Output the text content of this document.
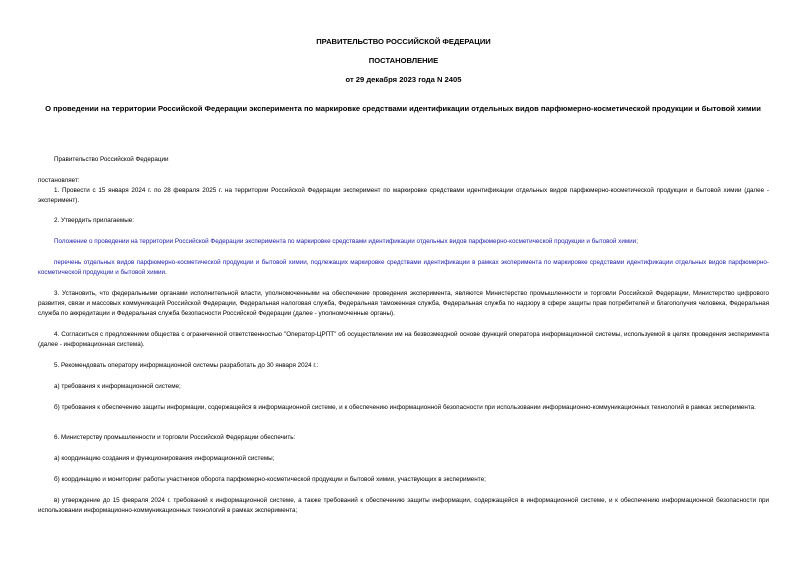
ПРАВИТЕЛЬСТВО РОССИЙСКОЙ ФЕДЕРАЦИИ
ПОСТАНОВЛЕНИЕ
от 29 декабря 2023 года N 2405
О проведении на территории Российской Федерации эксперимента по маркировке средствами идентификации отдельных видов парфюмерно-косметической продукции и бытовой химии

Правительство Российской Федерации

постановляет:

1. Провести с 15 января 2024 г. по 28 февраля 2025 г. на территории Российской Федерации эксперимент по маркировке средствами идентификации отдельных видов парфюмерно-косметической продукции и бытовой химии (далее - эксперимент).

2. Утвердить прилагаемые:

Положение о проведении на территории Российской Федерации эксперимента по маркировке средствами идентификации отдельных видов парфюмерно-косметической продукции и бытовой химии;

перечень отдельных видов парфюмерно-косметической продукции и бытовой химии, подлежащих маркировке средствами идентификации в рамках эксперимента по маркировке средствами идентификации отдельных видов парфюмерно-косметической продукции и бытовой химии.

3. Установить, что федеральными органами исполнительной власти, уполномоченными на обеспечение проведения эксперимента, являются Министерство промышленности и торговли Российской Федерации, Министерство цифрового развития, связи и массовых коммуникаций Российской Федерации, Федеральная налоговая служба, Федеральная таможенная служба, Федеральная служба по надзору в сфере защиты прав потребителей и благополучия человека, Федеральная служба по аккредитации и Федеральная служба безопасности Российской Федерации (далее - уполномоченные органы).

4. Согласиться с предложением общества с ограниченной ответственностью "Оператор-ЦРПТ" об осуществлении им на безвозмездной основе функций оператора информационной системы, используемой в целях проведения эксперимента (далее - информационная система).

5. Рекомендовать оператору информационной системы разработать до 30 января 2024 г.:

а) требования к информационной системе;

б) требования к обеспечению защиты информации, содержащейся в информационной системе, и к обеспечению информационной безопасности при использовании информационно-коммуникационных технологий в рамках эксперимента.

6. Министерству промышленности и торговли Российской Федерации обеспечить:

а) координацию создания и функционирования информационной системы;

б) координацию и мониторинг работы участников оборота парфюмерно-косметической продукции и бытовой химии, участвующих в эксперименте;

в) утверждение до 15 февраля 2024 г. требований к информационной системе, а также требований к обеспечению защиты информации, содержащейся в информационной системе, и к обеспечению информационной безопасности при использовании информационно-коммуникационных технологий в рамках эксперимента;
